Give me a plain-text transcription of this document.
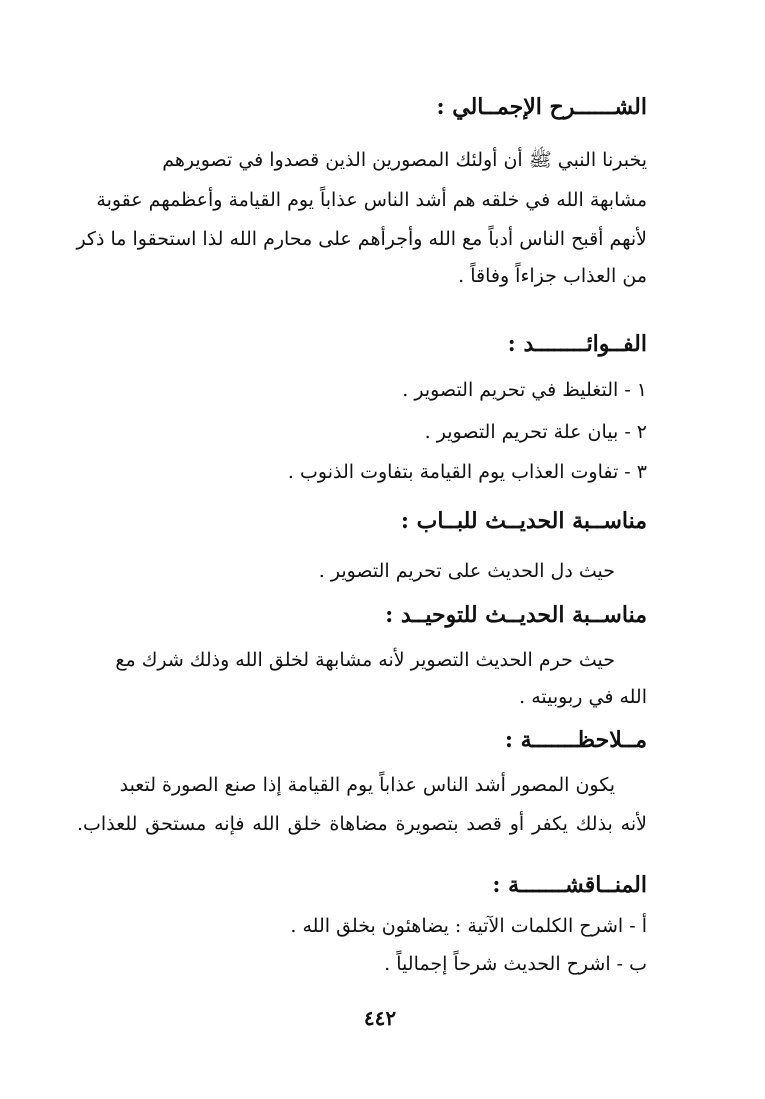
الشــــــرح الإجمــالي :
يخبرنا النبي ﷺ أن أولئك المصورين الذين قصدوا في تصويرهم
مشابهة الله في خلقه هم أشد الناس عذاباً يوم القيامة وأعظمهم عقوبة
لأنهم أقبح الناس أدباً مع الله وأجرأهم على محارم الله لذا استحقوا ما ذكر
من العذاب جزاءاً وفاقاً .
الفــوائــــــــد :
١ - التغليظ في تحريم التصوير .
٢ - بيان علة تحريم التصوير .
٣ - تفاوت العذاب يوم القيامة بتفاوت الذنوب .
مناســبة الحديــث للبــاب :
حيث دل الحديث على تحريم التصوير .
مناســبة الحديــث للتوحيــد :
حيث حرم الحديث التصوير لأنه مشابهة لخلق الله وذلك شرك مع
الله في ربوبيته .
مــلاحظـــــــة :
يكون المصور أشد الناس عذاباً يوم القيامة إذا صنع الصورة لتعبد
لأنه بذلك يكفر أو قصد بتصويرة مضاهاة خلق الله فإنه مستحق للعذاب.
المنــاقشـــــــة :
أ - اشرح الكلمات الآتية : يضاهئون بخلق الله .
ب - اشرح الحديث شرحاً إجمالياً .
٤٤٢
